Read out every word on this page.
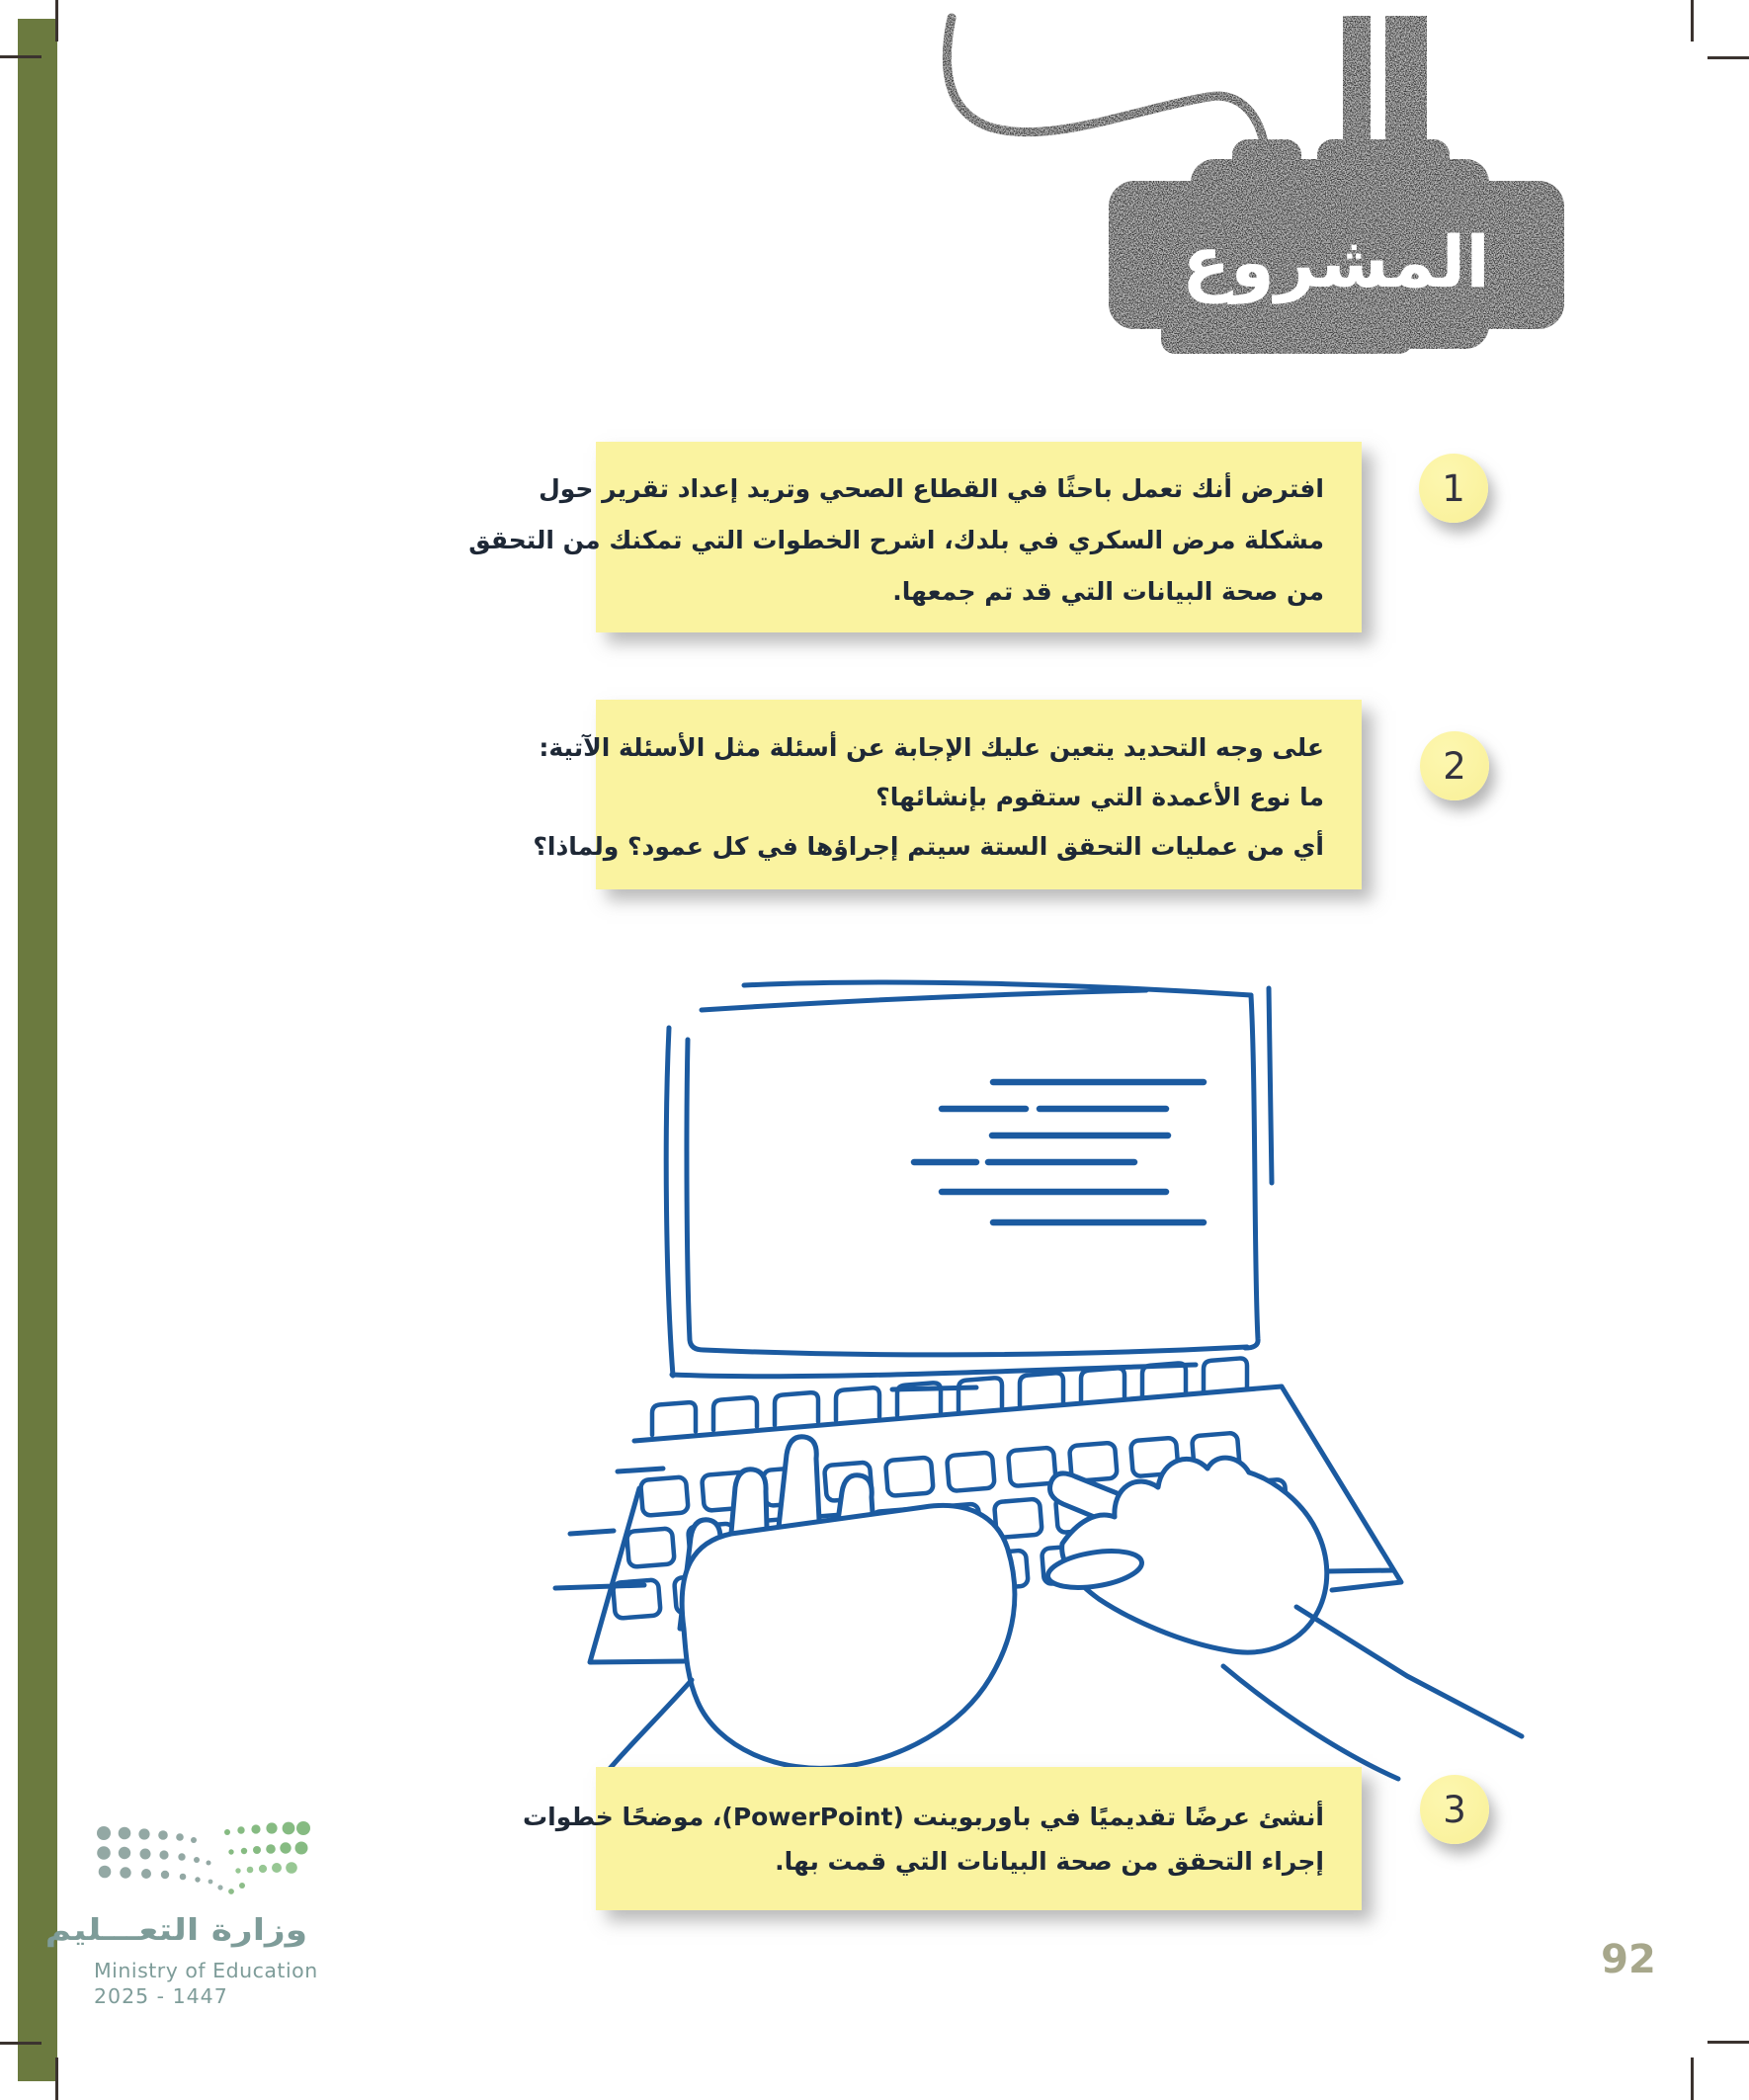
المشروع
افترض أنك تعمل باحثًا في القطاع الصحي وتريد إعداد تقرير حول
مشكلة مرض السكري في بلدك، اشرح الخطوات التي تمكنك من التحقق
من صحة البيانات التي قد تم جمعها.
1
على وجه التحديد يتعين عليك الإجابة عن أسئلة مثل الأسئلة الآتية:
ما نوع الأعمدة التي ستقوم بإنشائها؟
أي من عمليات التحقق الستة سيتم إجراؤها في كل عمود؟ ولماذا؟
2
أنشئ عرضًا تقديميًا في باوربوينت (PowerPoint)، موضحًا خطوات
إجراء التحقق من صحة البيانات التي قمت بها.
3
وزارة التعـــليم
Ministry of Education
2025 - 1447
92
